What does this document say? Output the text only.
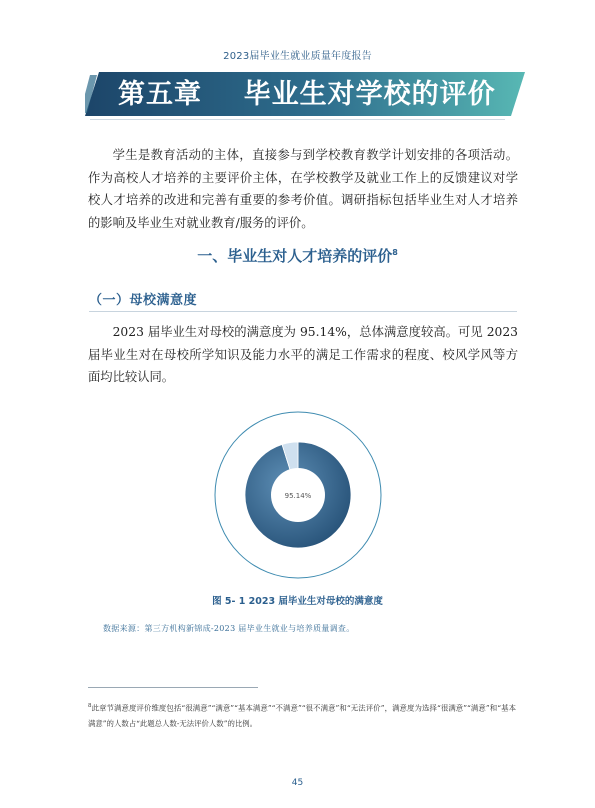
2023届毕业生就业质量年度报告
第五章    毕业生对学校的评价
学生是教育活动的主体，直接参与到学校教育教学计划安排的各项活动。作为高校人才培养的主要评价主体，在学校教学及就业工作上的反馈建议对学校人才培养的改进和完善有重要的参考价值。调研指标包括毕业生对人才培养的影响及毕业生对就业教育/服务的评价。
一、毕业生对人才培养的评价$^8$
（一）母校满意度
2023 届毕业生对母校的满意度为 95.14%，总体满意度较高。可见 2023 届毕业生对在母校所学知识及能力水平的满足工作需求的程度、校风学风等方面均比较认同。
95.14%
图 5- 1 2023 届毕业生对母校的满意度
数据来源：第三方机构新锦成-2023 届毕业生就业与培养质量调查。
$^8$此章节满意度评价维度包括“很满意”“满意”“基本满意”“不满意”“很不满意”和“无法评价”，满意度为选择“很满意”“满意”和“基本满意”的人数占“此题总人数-无法评价人数”的比例。
45
